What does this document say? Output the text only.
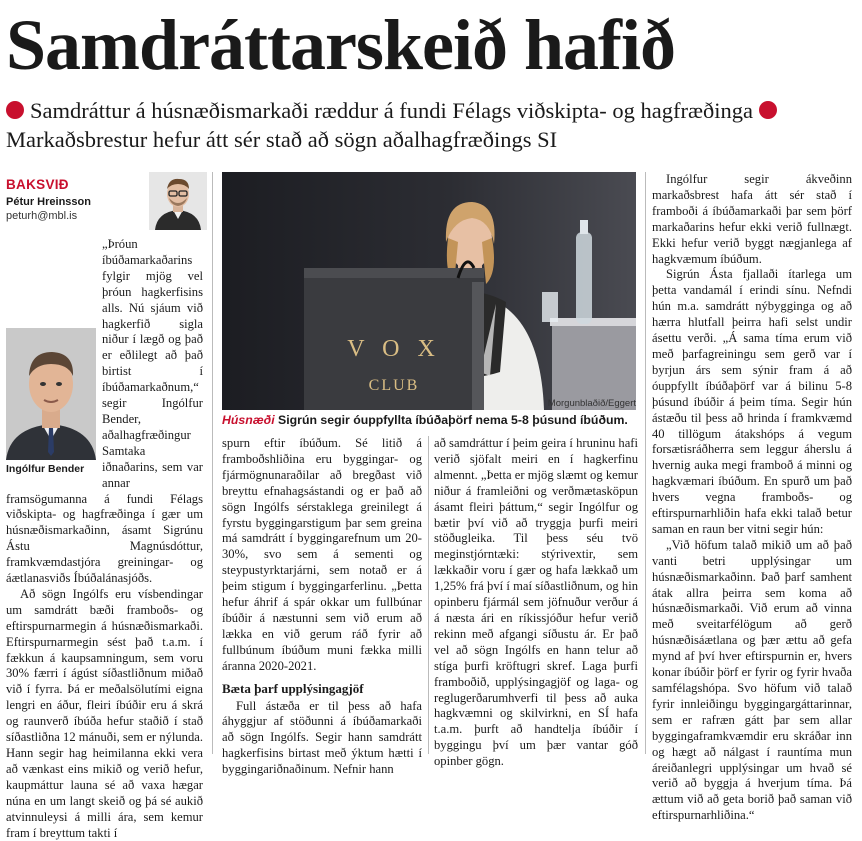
Samdráttarskeið hafið

Samdráttur á húsnæðismarkaði ræddur á fundi Félags viðskipta- og hagfræðinga Markaðsbrestur hefur átt sér stað að sögn aðalhagfræðings SI

BAKSVIÐ
Pétur Hreinsson
peturh@mbl.is

„Þróun íbúðamarkaðarins fylgir mjög vel þróun hagkerfisins alls. Nú sjáum við hagkerfið sigla niður í lægð og það er eðlilegt að það birtist í íbúðamarkaðnum,“ segir Ingólfur Bender, aðalhagfræðingur Samtaka iðnaðarins, sem var annar framsögumanna á fundi Félags viðskipta- og hagfræðinga í gær um húsnæðismarkaðinn, ásamt Sigrúnu Ástu Magnúsdóttur, framkvæmdastjóra greiningar- og áætlanasviðs Íbúðalánasjóðs.

Að sögn Ingólfs eru vísbendingar um samdrátt bæði framboðs- og eftirspurnarmegin á húsnæðismarkaði. Eftirspurnarmegin sést það t.a.m. í fækkun á kaupsamningum, sem voru 30% færri í ágúst síðastliðnum miðað við í fyrra. Þá er meðalsölutími eigna lengri en áður, fleiri íbúðir eru á skrá og raunverð íbúða hefur staðið í stað síðastliðna 12 mánuði, sem er nýlunda. Hann segir hag heimilanna ekki vera að vænkast eins mikið og verið hefur, kaupmáttur launa sé að vaxa hægar núna en um langt skeið og þá sé aukið atvinnuleysi á milli ára, sem kemur fram í breyttum takti í

Ingólfur Bender
V O X
CLUB
Morgunblaðið/Eggert
Húsnæði Sigrún segir óuppfyllta íbúðaþörf nema 5-8 þúsund íbúðum.

spurn eftir íbúðum. Sé litið á framboðshliðina eru byggingar- og fjármögnunaraðilar að bregðast við breyttu efnahagsástandi og er það að sögn Ingólfs sérstaklega greinilegt á fyrstu byggingarstigum þar sem greina má samdrátt í byggingarefnum um 20-30%, svo sem á sementi og steypustyrktarjárni, sem notað er á þeim stigum í byggingarferlinu. „Þetta hefur áhrif á spár okkar um fullbúnar íbúðir á næstunni sem við erum að lækka en við gerum ráð fyrir að fullbúnum íbúðum muni fækka milli áranna 2020-2021.

Bæta þarf upplýsingagjöf

Full ástæða er til þess að hafa áhyggjur af stöðunni á íbúðamarkaði að sögn Ingólfs. Segir hann samdrátt hagkerfisins birtast með ýktum hætti í byggingariðnaðinum. Nefnir hann

að samdráttur í þeim geira í hruninu hafi verið sjöfalt meiri en í hagkerfinu almennt. „Þetta er mjög slæmt og kemur niður á framleiðni og verðmætasköpun ásamt fleiri þáttum,“ segir Ingólfur og bætir því við að tryggja þurfi meiri stöðugleika. Til þess séu tvö meginstjórntæki: stýrivextir, sem lækkaðir voru í gær og hafa lækkað um 1,25% frá því í maí síðastliðnum, og hin opinberu fjármál sem jöfnuður verður á á næsta ári en ríkissjóður hefur verið rekinn með afgangi síðustu ár. Er það vel að sögn Ingólfs en hann telur að stíga þurfi kröftugri skref. Laga þurfi framboðið, upplýsingagjöf og laga- og reglugerðarumhverfi til þess að auka hagkvæmni og skilvirkni, en SÍ hafa t.a.m. þurft að handtelja íbúðir í byggingu því um þær vantar góð opinber gögn.

Ingólfur segir ákveðinn markaðsbrest hafa átt sér stað í framboði á íbúðamarkaði þar sem þörf markaðarins hefur ekki verið fullnægt. Ekki hefur verið byggt nægjanlega af hagkvæmum íbúðum.

Sigrún Ásta fjallaði ítarlega um þetta vandamál í erindi sínu. Nefndi hún m.a. samdrátt nýbygginga og að hærra hlutfall þeirra hafi selst undir ásettu verði. „Á sama tíma erum við með þarfagreiningu sem gerð var í byrjun árs sem sýnir fram á að óuppfyllt íbúðaþörf var á bilinu 5-8 þúsund íbúðir á þeim tíma. Segir hún ástæðu til þess að hrinda í framkvæmd 40 tillögum átakshóps á vegum forsætisráðherra sem leggur áherslu á hvernig auka megi framboð á minni og hagkvæmari íbúðum. En spurð um það hvers vegna framboðs- og eftirspurnarhliðin hafa ekki talað betur saman en raun ber vitni segir hún:

„Við höfum talað mikið um að það vanti betri upplýsingar um húsnæðismarkaðinn. Það þarf samhent átak allra þeirra sem koma að húsnæðismarkaði. Við erum að vinna með sveitarfélögum að gerð húsnæðisáætlana og þær ættu að gefa mynd af því hver eftirspurnin er, hvers konar íbúðir þörf er fyrir og fyrir hvaða samfélagshópa. Svo höfum við talað fyrir innleiðingu byggingargáttarinnar, sem er rafræn gátt þar sem allar byggingaframkvæmdir eru skráðar inn og hægt að nálgast í rauntíma mun áreiðanlegri upplýsingar um hvað sé verið að byggja á hverjum tíma. Þá ættum við að geta borið það saman við eftirspurnarhliðina.“
